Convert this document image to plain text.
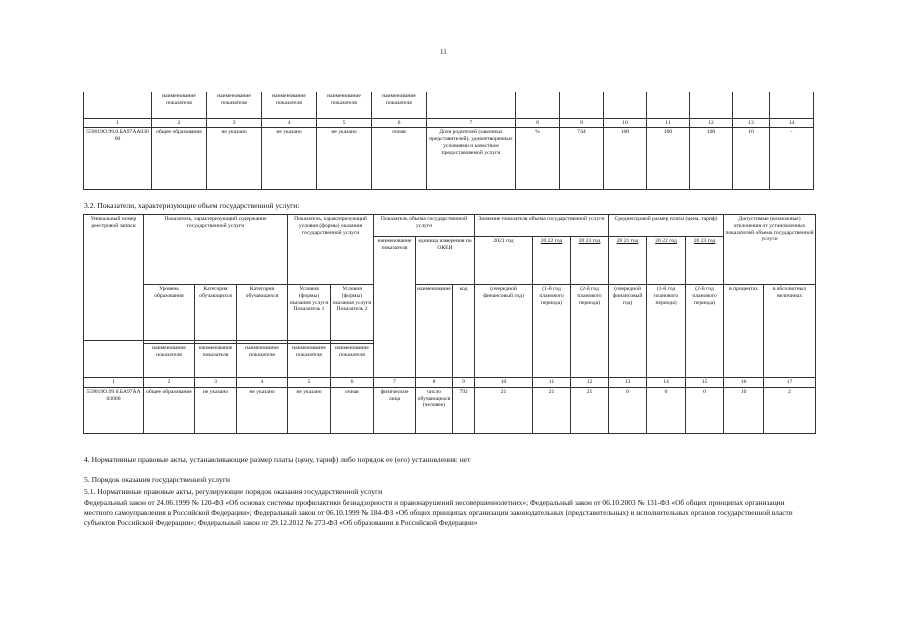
11
	наименование показателя	наименование показателя	наименование показателя	наименование показателя	наименование показателя								
1	2	3	4	5	6	7	8	9	10	11	12	13	14
559019О.99.0.БА97АА03000	общее образование	не указано	не указано	не указано	очная	Доля родителей (законных представителей), удовлетворенных условиями и качеством предоставляемой услуги	%	744	100	100	100	10	-
3.2. Показатели, характеризующие объем государственной услуги:
Уникальный номер реестровой записи	Показатель, характеризующий содержание государственной услуги			Показатель, характеризующий условия (формы) оказания государственной услуги		Показатель объема государственной услуги			Значение показателя объема государственной услуги			Среднегодовой размер платы (цена, тариф)			Допустимые (возможные) отклонения от установленных показателей объема государственной услуги	
						наименование показателя	единица измерения по ОКЕИ		2021 год	20 22 год	20 23 год	20 21 год	20 22 год	20 23 год		
	Уровень образования	Категория обучающихся	Категория обучающихся	Условия (формы) оказания услуги Показатель 1	Условия (формы) оказания услуги Показатель 2		наименование	код	(очередной финансовый год)	(1-й год планового периода)	(2-й год планового периода)	(очередной финансовый год)	(1-й год планового периода)	(2-й год планового периода)	в процентах	в абсолютных величинах

	наименование показателя	наименование показателя	наименование показателя	наименование показателя	наименование показателя											
1	2	3	4	5	6	7	8	9	10	11	12	13	14	15	16	17
559019О.99.0.БА97АА03000	общее образование	не указано	не указано	не указано	очная	физические лица	число обучающихся (человек)	792	21	21	21	0	0	0	10	2
4. Нормативные правовые акты, устанавливающие размер платы (цену, тариф) либо порядок ее (его) установления: нет
5. Порядок оказания государственной услуги
5.1. Нормативные правовые акты, регулирующие порядок оказания государственной услуги
Федеральный закон от 24.06.1999 № 120-ФЗ «Об основах системы профилактики безнадзорности и правонарушений несовершеннолетних»; Федеральный закон от 06.10.2003 № 131-ФЗ «Об общих принципах организации местного самоуправления в Российской Федерации»; Федеральный закон от 06.10.1999 № 184-ФЗ «Об общих принципах организации законодательных (представительных) и исполнительных органов государственной власти субъектов Российской Федерации»; Федеральный закон от 29.12.2012 № 273-ФЗ «Об образовании в Российской Федерации»
